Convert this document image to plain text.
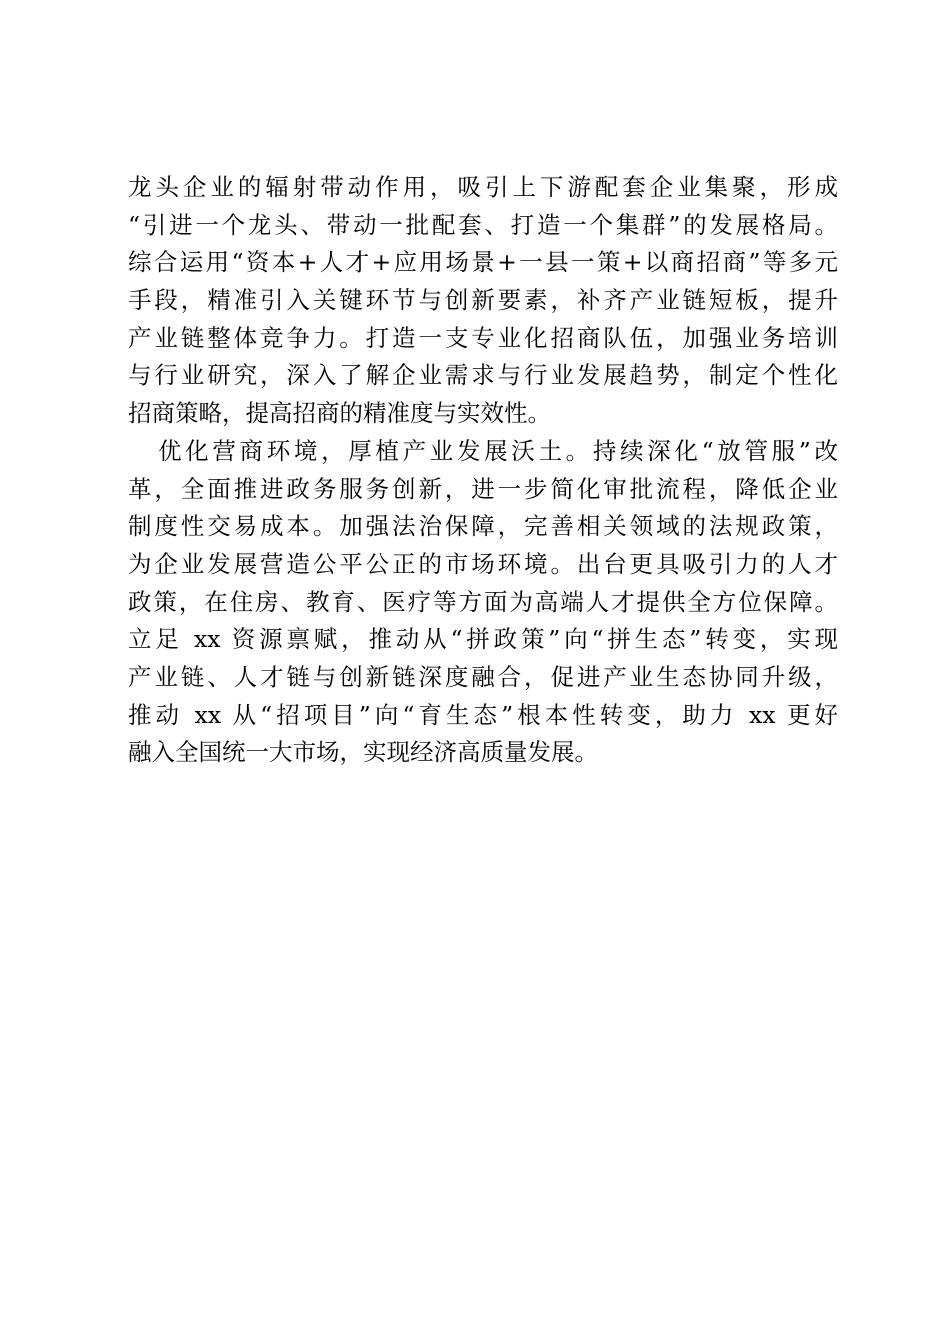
龙头企业的辐射带动作用，吸引上下游配套企业集聚，形成
“引进一个龙头、带动一批配套、打造一个集群”的发展格局。
综合运用“资本+人才+应用场景+一县一策+以商招商”等多元
手段，精准引入关键环节与创新要素，补齐产业链短板，提升
产业链整体竞争力。打造一支专业化招商队伍，加强业务培训
与行业研究，深入了解企业需求与行业发展趋势，制定个性化
招商策略，提高招商的精准度与实效性。
优化营商环境，厚植产业发展沃土。持续深化“放管服”改
革，全面推进政务服务创新，进一步简化审批流程，降低企业
制度性交易成本。加强法治保障，完善相关领域的法规政策，
为企业发展营造公平公正的市场环境。出台更具吸引力的人才
政策，在住房、教育、医疗等方面为高端人才提供全方位保障。
立足 xx 资源禀赋，推动从“拼政策”向“拼生态”转变，实现
产业链、人才链与创新链深度融合，促进产业生态协同升级，
推动 xx 从“招项目”向“育生态”根本性转变，助力 xx 更好
融入全国统一大市场，实现经济高质量发展。
